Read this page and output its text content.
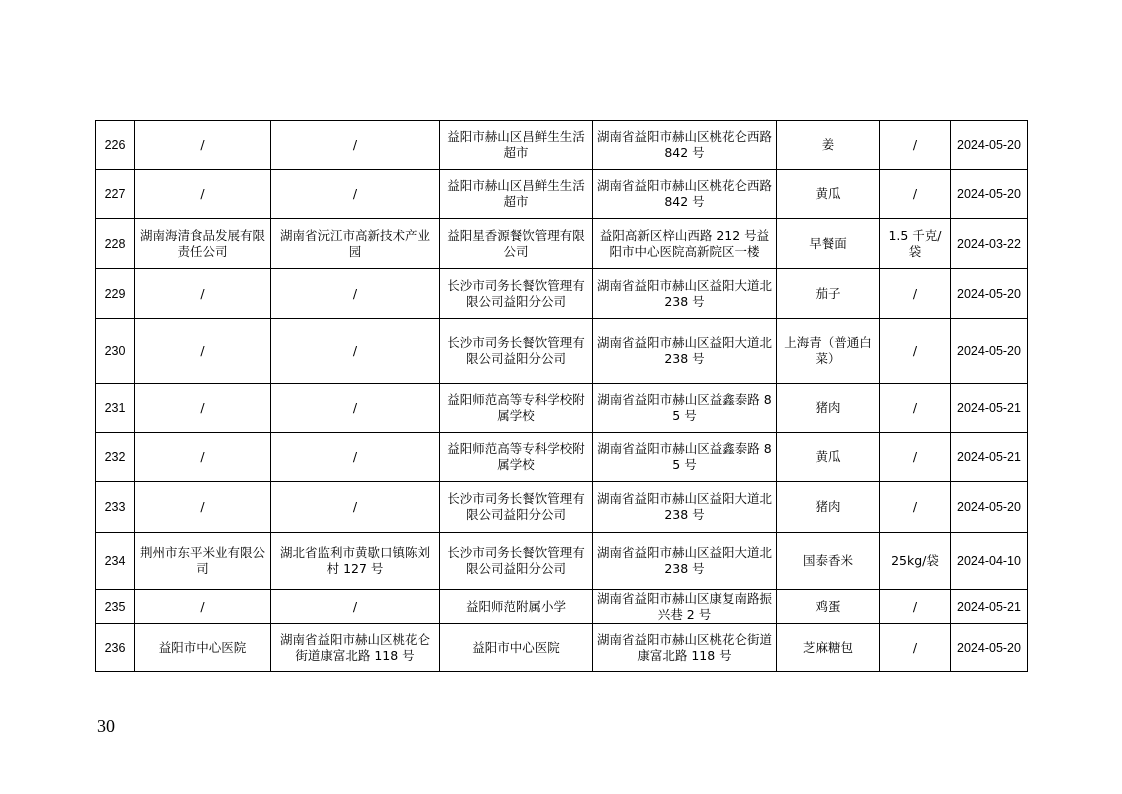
226	/	/	益阳市赫山区昌鲜生生活超市	湖南省益阳市赫山区桃花仑西路 842 号	姜	/	2024-05-20
227	/	/	益阳市赫山区昌鲜生生活超市	湖南省益阳市赫山区桃花仑西路 842 号	黄瓜	/	2024-05-20
228	湖南海清食品发展有限责任公司	湖南省沅江市高新技术产业园	益阳星香源餐饮管理有限公司	益阳高新区梓山西路 212 号益阳市中心医院高新院区一楼	早餐面	1.5 千克/袋	2024-03-22
229	/	/	长沙市司务长餐饮管理有限公司益阳分公司	湖南省益阳市赫山区益阳大道北 238 号	茄子	/	2024-05-20
230	/	/	长沙市司务长餐饮管理有限公司益阳分公司	湖南省益阳市赫山区益阳大道北 238 号	上海青（普通白菜）	/	2024-05-20
231	/	/	益阳师范高等专科学校附属学校	湖南省益阳市赫山区益鑫泰路 85 号	猪肉	/	2024-05-21
232	/	/	益阳师范高等专科学校附属学校	湖南省益阳市赫山区益鑫泰路 85 号	黄瓜	/	2024-05-21
233	/	/	长沙市司务长餐饮管理有限公司益阳分公司	湖南省益阳市赫山区益阳大道北 238 号	猪肉	/	2024-05-20
234	荆州市东平米业有限公司	湖北省监利市黄歇口镇陈刘村 127 号	长沙市司务长餐饮管理有限公司益阳分公司	湖南省益阳市赫山区益阳大道北 238 号	国泰香米	25kg/袋	2024-04-10
235	/	/	益阳师范附属小学	湖南省益阳市赫山区康复南路振兴巷 2 号	鸡蛋	/	2024-05-21
236	益阳市中心医院	湖南省益阳市赫山区桃花仑街道康富北路 118 号	益阳市中心医院	湖南省益阳市赫山区桃花仑街道康富北路 118 号	芝麻糖包	/	2024-05-20
30
